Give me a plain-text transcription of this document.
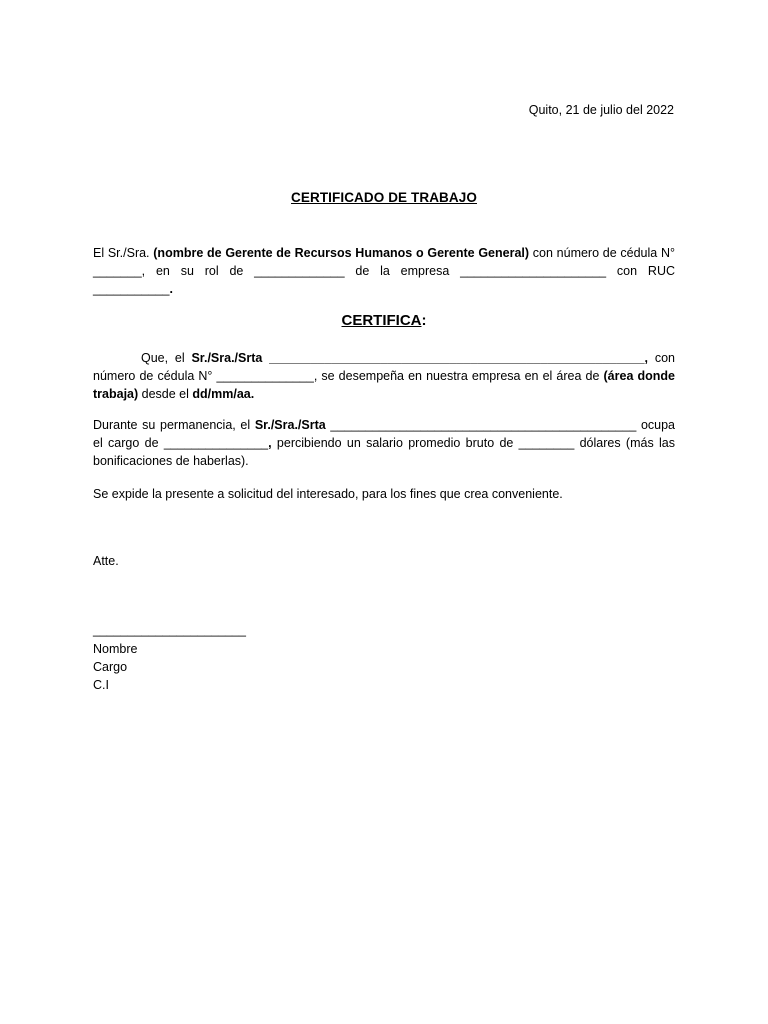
Quito, 21 de julio del 2022
CERTIFICADO DE TRABAJO
El Sr./Sra. (nombre de Gerente de Recursos Humanos o Gerente General) con número de cédula N° _______, en su rol de _____________ de la empresa _____________________ con RUC ___________.
CERTIFICA:
Que, el Sr./Sra./Srta ______________________________________________________, con número de cédula N° ______________, se desempeña en nuestra empresa en el área de (área donde trabaja) desde el dd/mm/aa.
Durante su permanencia, el Sr./Sra./Srta ____________________________________________ ocupa el cargo de _______________, percibiendo un salario promedio bruto de ________ dólares (más las bonificaciones de haberlas).
Se expide la presente a solicitud del interesado, para los fines que crea conveniente.
Atte.
______________________
Nombre
Cargo
C.I
